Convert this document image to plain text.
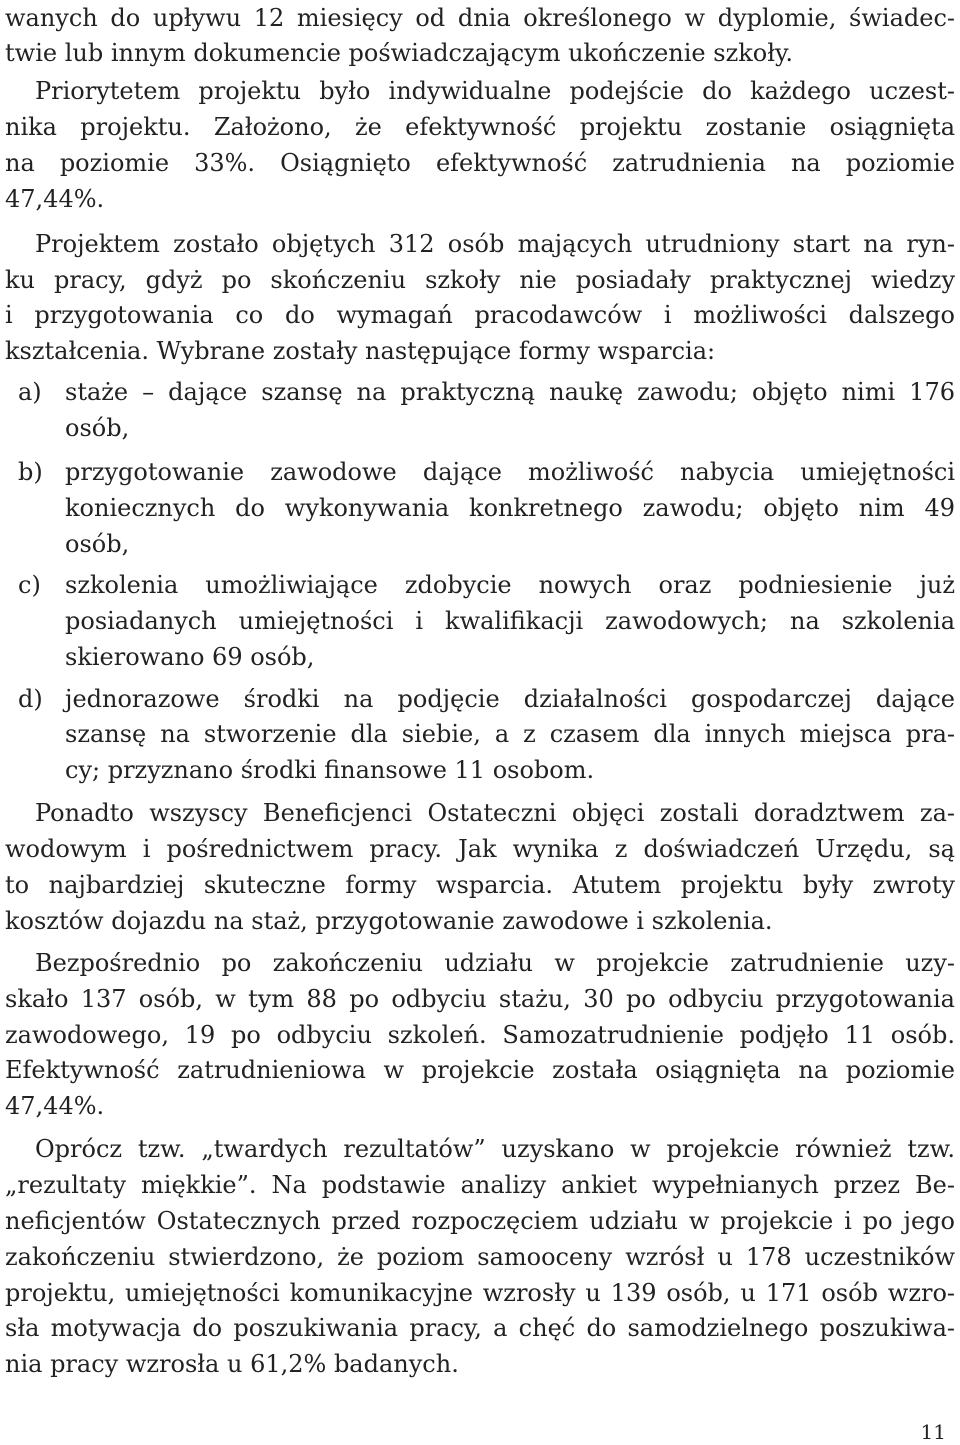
wanych do upływu 12 miesięcy od dnia określonego w dyplomie, świadec-
twie lub innym dokumencie poświadczającym ukończenie szkoły.
Priorytetem projektu było indywidualne podejście do każdego uczest-
nika projektu. Założono, że efektywność projektu zostanie osiągnięta
na poziomie 33%. Osiągnięto efektywność zatrudnienia na poziomie
47,44%.
Projektem zostało objętych 312 osób mających utrudniony start na ryn-
ku pracy, gdyż po skończeniu szkoły nie posiadały praktycznej wiedzy
i przygotowania co do wymagań pracodawców i możliwości dalszego
kształcenia. Wybrane zostały następujące formy wsparcia:
a) staże – dające szansę na praktyczną naukę zawodu; objęto nimi 176
osób,
b) przygotowanie zawodowe dające możliwość nabycia umiejętności
koniecznych do wykonywania konkretnego zawodu; objęto nim 49
osób,
c) szkolenia umożliwiające zdobycie nowych oraz podniesienie już
posiadanych umiejętności i kwalifikacji zawodowych; na szkolenia
skierowano 69 osób,
d) jednorazowe środki na podjęcie działalności gospodarczej dające
szansę na stworzenie dla siebie, a z czasem dla innych miejsca pra-
cy; przyznano środki finansowe 11 osobom.
Ponadto wszyscy Beneficjenci Ostateczni objęci zostali doradztwem za-
wodowym i pośrednictwem pracy. Jak wynika z doświadczeń Urzędu, są
to najbardziej skuteczne formy wsparcia. Atutem projektu były zwroty
kosztów dojazdu na staż, przygotowanie zawodowe i szkolenia.
Bezpośrednio po zakończeniu udziału w projekcie zatrudnienie uzy-
skało 137 osób, w tym 88 po odbyciu stażu, 30 po odbyciu przygotowania
zawodowego, 19 po odbyciu szkoleń. Samozatrudnienie podjęło 11 osób.
Efektywność zatrudnieniowa w projekcie została osiągnięta na poziomie
47,44%.
Oprócz tzw. „twardych rezultatów” uzyskano w projekcie również tzw.
„rezultaty miękkie”. Na podstawie analizy ankiet wypełnianych przez Be-
neficjentów Ostatecznych przed rozpoczęciem udziału w projekcie i po jego
zakończeniu stwierdzono, że poziom samooceny wzrósł u 178 uczestników
projektu, umiejętności komunikacyjne wzrosły u 139 osób, u 171 osób wzro-
sła motywacja do poszukiwania pracy, a chęć do samodzielnego poszukiwa-
nia pracy wzrosła u 61,2% badanych.
11
